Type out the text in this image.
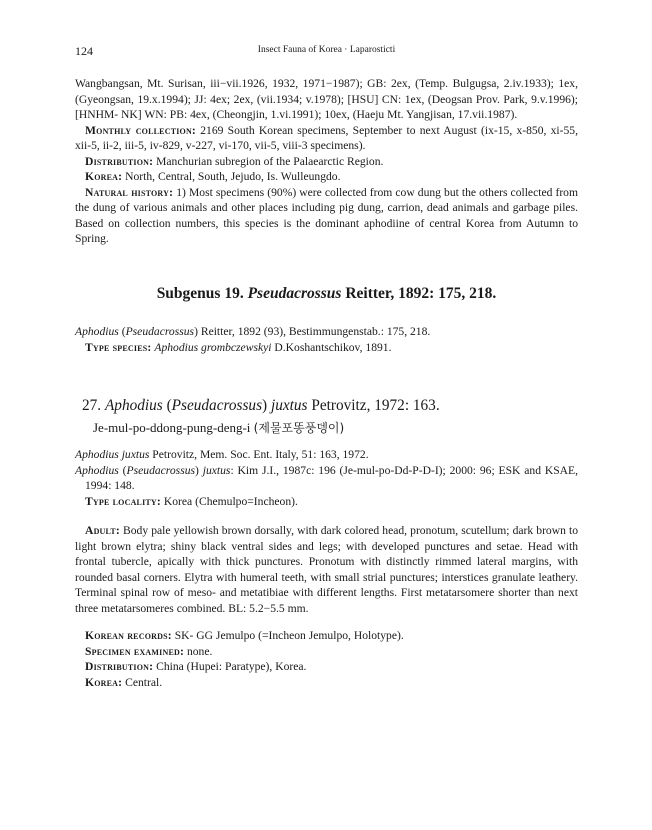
124	Insect Fauna of Korea · Laparosticti

Wangbangsan, Mt. Surisan, iii−vii.1926, 1932, 1971−1987); GB: 2ex, (Temp. Bulgugsa, 2.iv.1933); 1ex, (Gyeongsan, 19.x.1994); JJ: 4ex; 2ex, (vii.1934; v.1978); [HSU] CN: 1ex, (Deogsan Prov. Park, 9.v.1996); [HNHM- NK] WN: PB: 4ex, (Cheongjin, 1.vi.1991); 10ex, (Haeju Mt. Yangjisan, 17.vii.1987).

Monthly collection: 2169 South Korean specimens, September to next August (ix-15, x-850, xi-55, xii-5, ii-2, iii-5, iv-829, v-227, vi-170, vii-5, viii-3 specimens).

Distribution: Manchurian subregion of the Palaearctic Region.

Korea: North, Central, South, Jejudo, Is. Wulleungdo.

Natural history: 1) Most specimens (90%) were collected from cow dung but the others collected from the dung of various animals and other places including pig dung, carrion, dead animals and garbage piles. Based on collection numbers, this species is the dominant aphodiine of central Korea from Autumn to Spring.

Subgenus 19. Pseudacrossus Reitter, 1892: 175, 218.

Aphodius (Pseudacrossus) Reitter, 1892 (93), Bestimmungenstab.: 175, 218.

Type species: Aphodius grombczewskyi D.Koshantschikov, 1891.

27. Aphodius (Pseudacrossus) juxtus Petrovitz, 1972: 163.
Je-mul-po-ddong-pung-deng-i (제물포똥풍뎅이)

Aphodius juxtus Petrovitz, Mem. Soc. Ent. Italy, 51: 163, 1972.

Aphodius (Pseudacrossus) juxtus: Kim J.I., 1987c: 196 (Je-mul-po-Dd-P-D-I); 2000: 96; ESK and KSAE, 1994: 148.

Type locality: Korea (Chemulpo=Incheon).

Adult: Body pale yellowish brown dorsally, with dark colored head, pronotum, scutellum; dark brown to light brown elytra; shiny black ventral sides and legs; with developed punctures and setae. Head with frontal tubercle, apically with thick punctures. Pronotum with distinctly rimmed lateral margins, with rounded basal corners. Elytra with humeral teeth, with small strial punctures; interstices granulate leathery. Terminal spinal row of meso- and metatibiae with different lengths. First metatarsomere shorter than next three metatarsomeres combined. BL: 5.2−5.5 mm.

Korean records: SK- GG Jemulpo (=Incheon Jemulpo, Holotype).

Specimen examined: none.

Distribution: China (Hupei: Paratype), Korea.

Korea: Central.
